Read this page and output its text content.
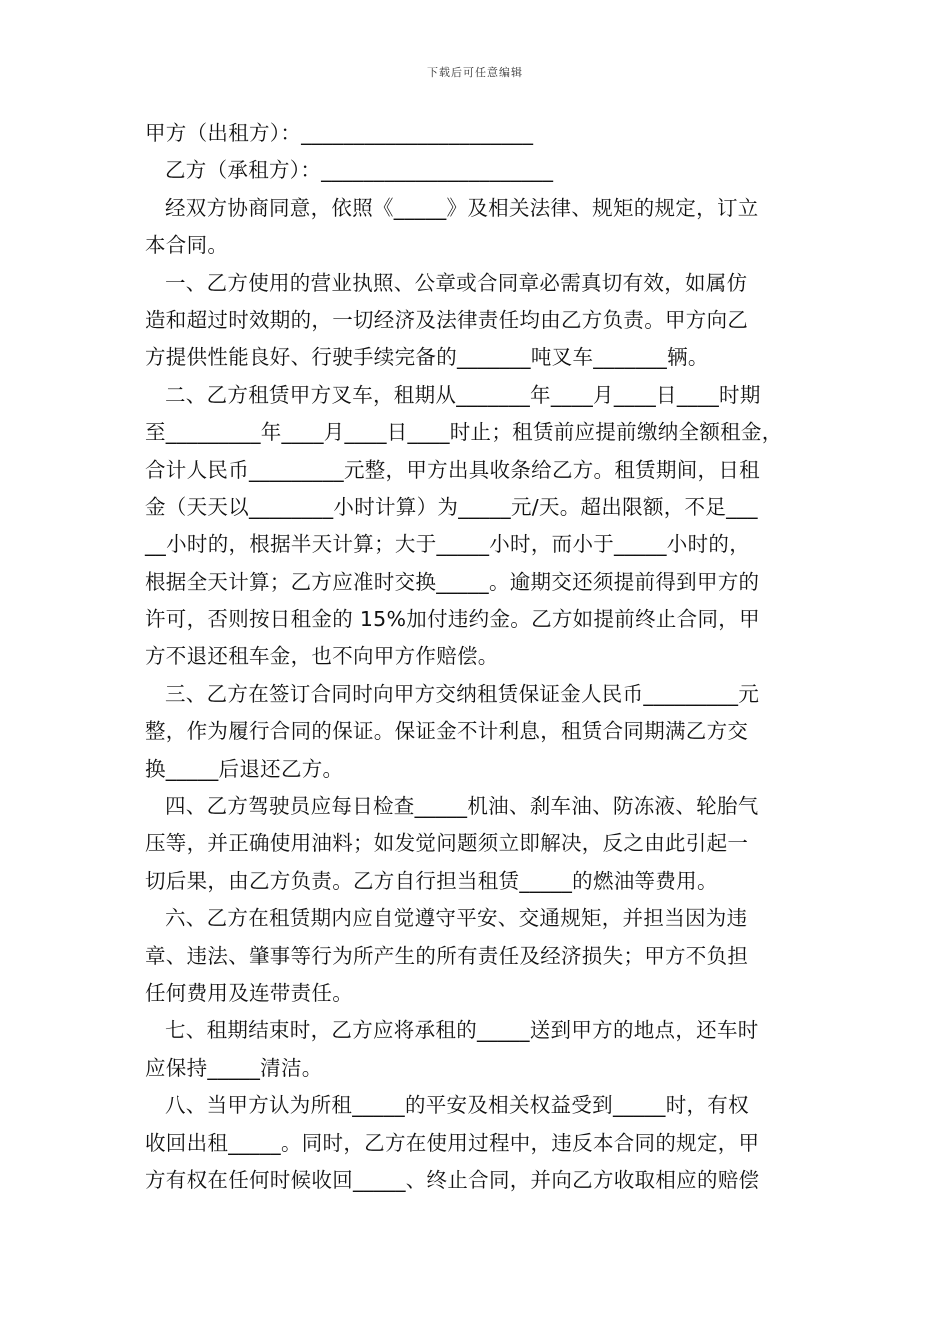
下载后可任意编辑
甲方（出租方）：______________________
乙方（承租方）：______________________
经双方协商同意，依照《_____》及相关法律、规矩的规定，订立
本合同。
一、乙方使用的营业执照、公章或合同章必需真切有效，如属仿
造和超过时效期的，一切经济及法律责任均由乙方负责。甲方向乙
方提供性能良好、行驶手续完备的_______吨叉车_______辆。
二、乙方租赁甲方叉车，租期从_______年____月____日____时期
至_________年____月____日____时止；租赁前应提前缴纳全额租金，
合计人民币_________元整，甲方出具收条给乙方。租赁期间，日租
金（天天以________小时计算）为_____元/天。超出限额，不足___
__小时的，根据半天计算；大于_____小时，而小于_____小时的，
根据全天计算；乙方应准时交换_____。逾期交还须提前得到甲方的
许可，否则按日租金的 15%加付违约金。乙方如提前终止合同，甲
方不退还租车金，也不向甲方作赔偿。
三、乙方在签订合同时向甲方交纳租赁保证金人民币_________元
整，作为履行合同的保证。保证金不计利息，租赁合同期满乙方交
换_____后退还乙方。
四、乙方驾驶员应每日检查_____机油、刹车油、防冻液、轮胎气
压等，并正确使用油料；如发觉问题须立即解决，反之由此引起一
切后果，由乙方负责。乙方自行担当租赁_____的燃油等费用。
六、乙方在租赁期内应自觉遵守平安、交通规矩，并担当因为违
章、违法、肇事等行为所产生的所有责任及经济损失；甲方不负担
任何费用及连带责任。
七、租期结束时，乙方应将承租的_____送到甲方的地点，还车时
应保持_____清洁。
八、当甲方认为所租_____的平安及相关权益受到_____时，有权
收回出租_____。同时，乙方在使用过程中，违反本合同的规定，甲
方有权在任何时候收回_____、终止合同，并向乙方收取相应的赔偿
